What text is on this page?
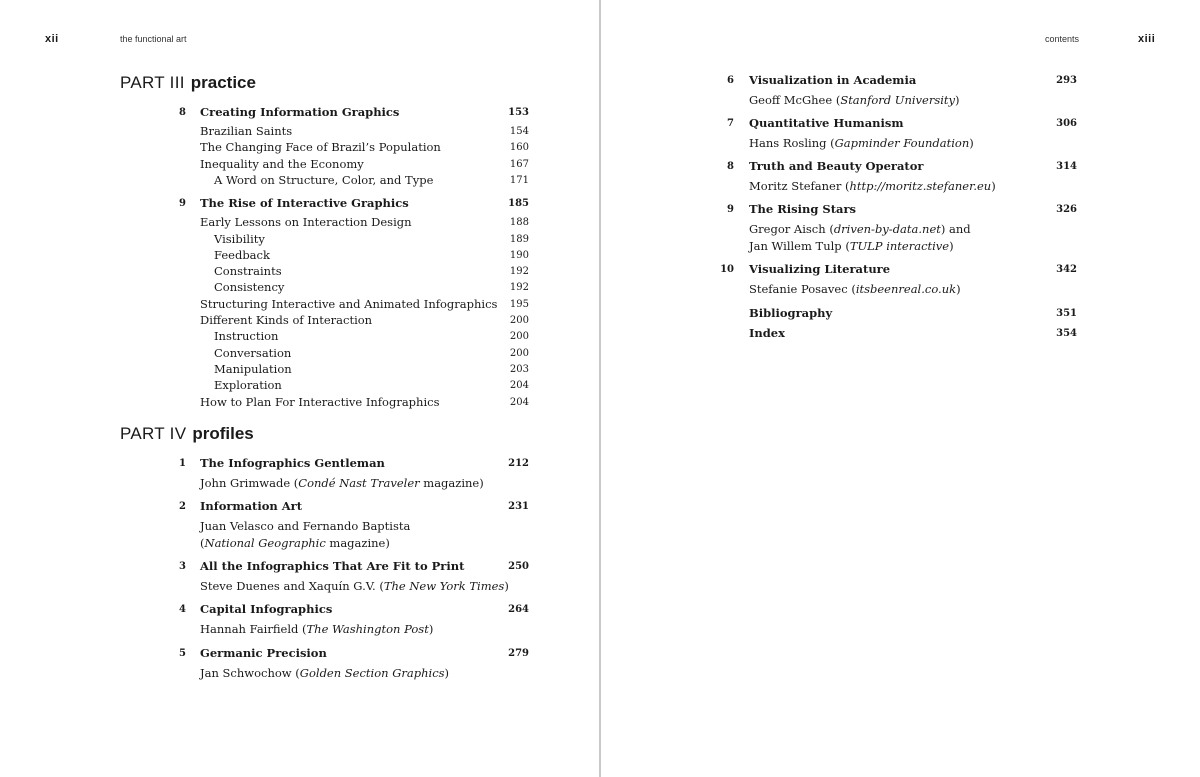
xii	the functional art
PART III practice
8 Creating Information Graphics	153
Brazilian Saints	154
The Changing Face of Brazil’s Population	160
Inequality and the Economy	167
A Word on Structure, Color, and Type	171
9 The Rise of Interactive Graphics	185
Early Lessons on Interaction Design	188
Visibility	189
Feedback	190
Constraints	192
Consistency	192
Structuring Interactive and Animated Infographics	195
Different Kinds of Interaction	200
Instruction	200
Conversation	200
Manipulation	203
Exploration	204
How to Plan For Interactive Infographics	204
PART IV profiles
1 The Infographics Gentleman	212
John Grimwade (Condé Nast Traveler magazine)
2 Information Art	231
Juan Velasco and Fernando Baptista
(National Geographic magazine)
3 All the Infographics That Are Fit to Print	250
Steve Duenes and Xaquín G.V. (The New York Times)
4 Capital Infographics	264
Hannah Fairfield (The Washington Post)
5 Germanic Precision	279
Jan Schwochow (Golden Section Graphics)
contents	xiii
6 Visualization in Academia	293
Geoff McGhee (Stanford University)
7 Quantitative Humanism	306
Hans Rosling (Gapminder Foundation)
8 Truth and Beauty Operator	314
Moritz Stefaner (http://moritz.stefaner.eu)
9 The Rising Stars	326
Gregor Aisch (driven-by-data.net) and
Jan Willem Tulp (TULP interactive)
10 Visualizing Literature	342
Stefanie Posavec (itsbeenreal.co.uk)
Bibliography	351
Index	354
